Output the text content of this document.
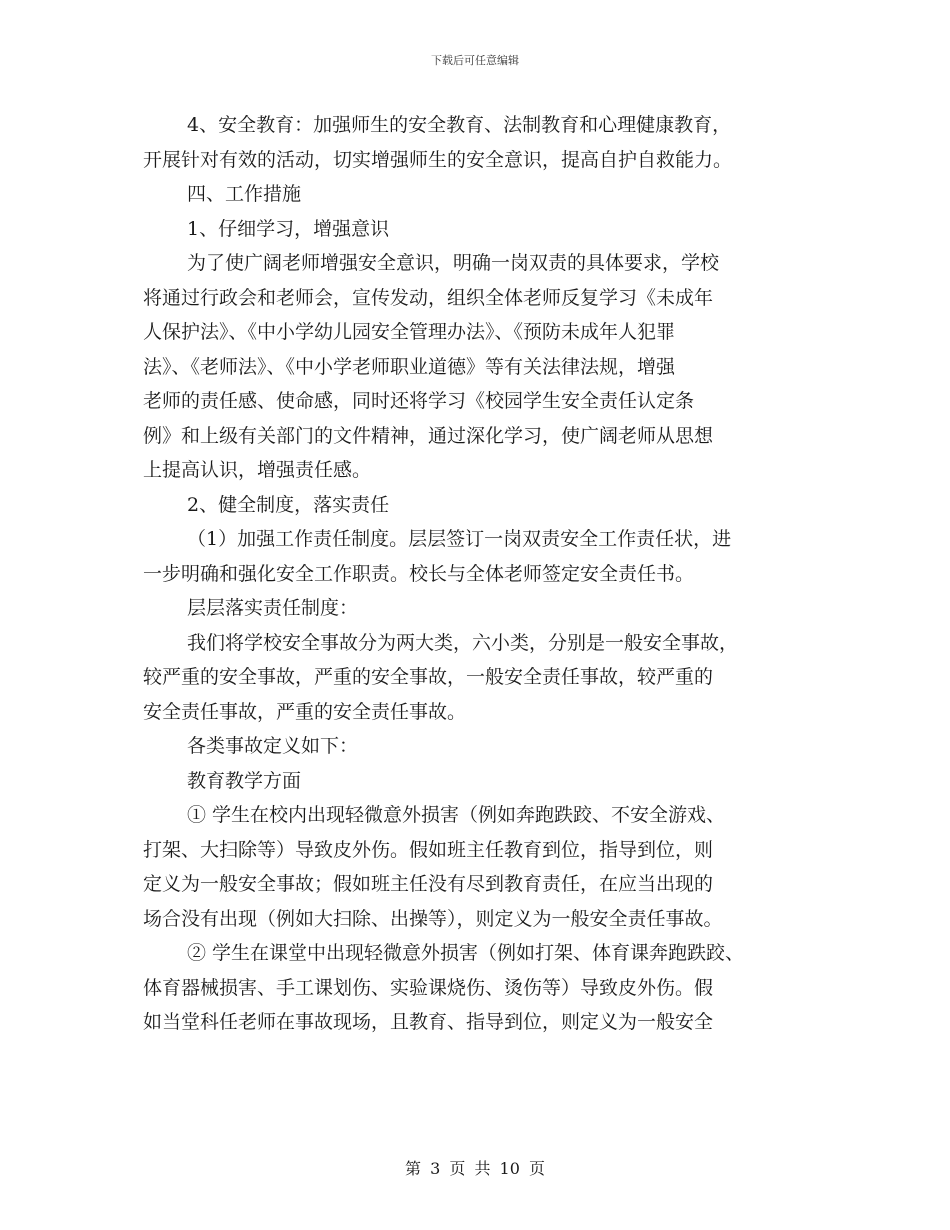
下载后可任意编辑
4、安全教育：加强师生的安全教育、法制教育和心理健康教育，
开展针对有效的活动，切实增强师生的安全意识，提高自护自救能力。
四、工作措施
1、仔细学习，增强意识
为了使广阔老师增强安全意识，明确一岗双责的具体要求，学校
将通过行政会和老师会，宣传发动，组织全体老师反复学习《未成年
人保护法》、《中小学幼儿园安全管理办法》、《预防未成年人犯罪
法》、《老师法》、《中小学老师职业道德》等有关法律法规，增强
老师的责任感、使命感，同时还将学习《校园学生安全责任认定条
例》和上级有关部门的文件精神，通过深化学习，使广阔老师从思想
上提高认识，增强责任感。
2、健全制度，落实责任
（1）加强工作责任制度。层层签订一岗双责安全工作责任状，进
一步明确和强化安全工作职责。校长与全体老师签定安全责任书。
层层落实责任制度：
我们将学校安全事故分为两大类，六小类，分别是一般安全事故，
较严重的安全事故，严重的安全事故，一般安全责任事故，较严重的
安全责任事故，严重的安全责任事故。
各类事故定义如下：
教育教学方面
① 学生在校内出现轻微意外损害（例如奔跑跌跤、不安全游戏、
打架、大扫除等）导致皮外伤。假如班主任教育到位，指导到位，则
定义为一般安全事故；假如班主任没有尽到教育责任，在应当出现的
场合没有出现（例如大扫除、出操等），则定义为一般安全责任事故。
② 学生在课堂中出现轻微意外损害（例如打架、体育课奔跑跌跤、
体育器械损害、手工课划伤、实验课烧伤、烫伤等）导致皮外伤。假
如当堂科任老师在事故现场，且教育、指导到位，则定义为一般安全
第 3 页 共 10 页
